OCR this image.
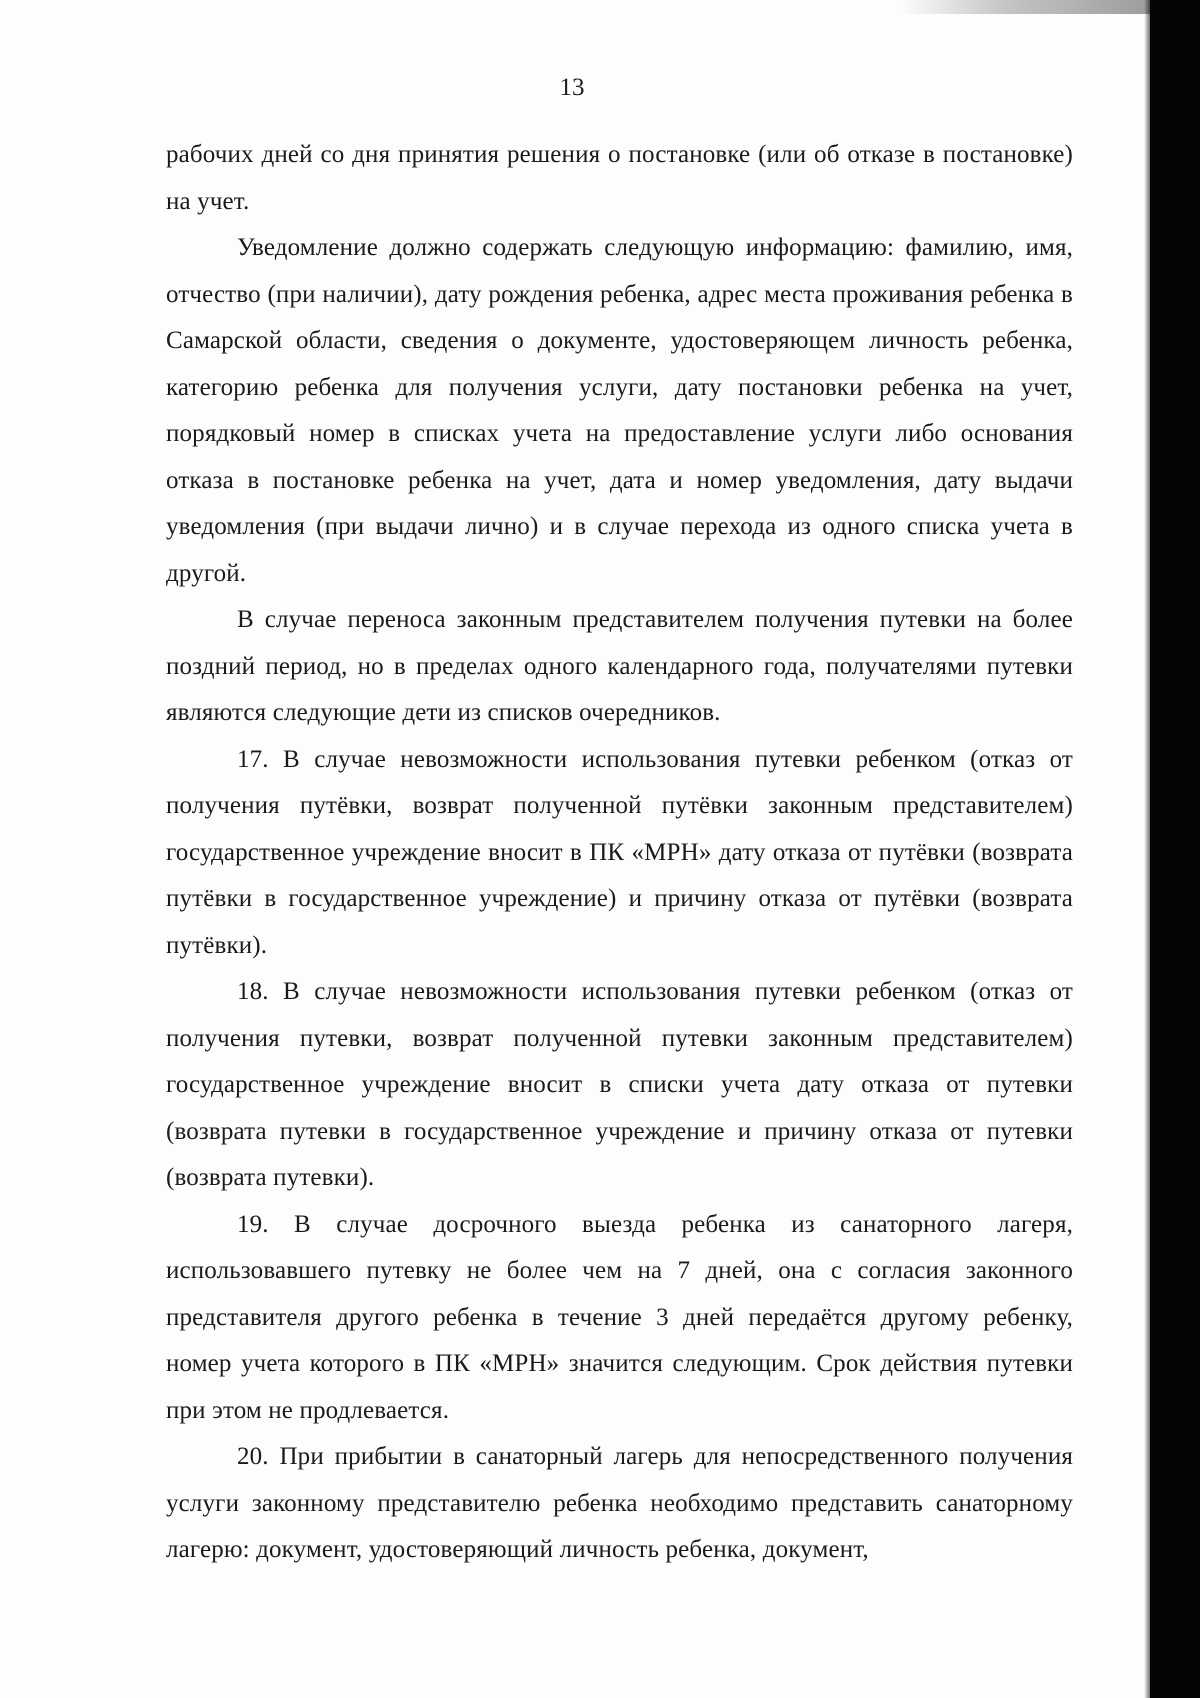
13

рабочих дней со дня принятия решения о постановке (или об отказе в постановке) на учет.

Уведомление должно содержать следующую информацию: фамилию, имя, отчество (при наличии), дату рождения ребенка, адрес места проживания ребенка в Самарской области, сведения о документе, удостоверяющем личность ребенка, категорию ребенка для получения услуги, дату постановки ребенка на учет, порядковый номер в списках учета на предоставление услуги либо основания отказа в постановке ребенка на учет, дата и номер уведомления, дату выдачи уведомления (при выдачи лично) и в случае перехода из одного списка учета в другой.

В случае переноса законным представителем получения путевки на более поздний период, но в пределах одного календарного года, получателями путевки являются следующие дети из списков очередников.

17. В случае невозможности использования путевки ребенком (отказ от получения путёвки, возврат полученной путёвки законным представителем) государственное учреждение вносит в ПК «МРН» дату отказа от путёвки (возврата путёвки в государственное учреждение) и причину отказа от путёвки (возврата путёвки).

18. В случае невозможности использования путевки ребенком (отказ от получения путевки, возврат полученной путевки законным представителем) государственное учреждение вносит в списки учета дату отказа от путевки (возврата путевки в государственное учреждение и причину отказа от путевки (возврата путевки).

19. В случае досрочного выезда ребенка из санаторного лагеря, использовавшего путевку не более чем на 7 дней, она с согласия законного представителя другого ребенка в течение 3 дней передаётся другому ребенку, номер учета которого в ПК «МРН» значится следующим. Срок действия путевки при этом не продлевается.

20. При прибытии в санаторный лагерь для непосредственного получения услуги законному представителю ребенка необходимо представить санаторному лагерю: документ, удостоверяющий личность ребенка, документ,
